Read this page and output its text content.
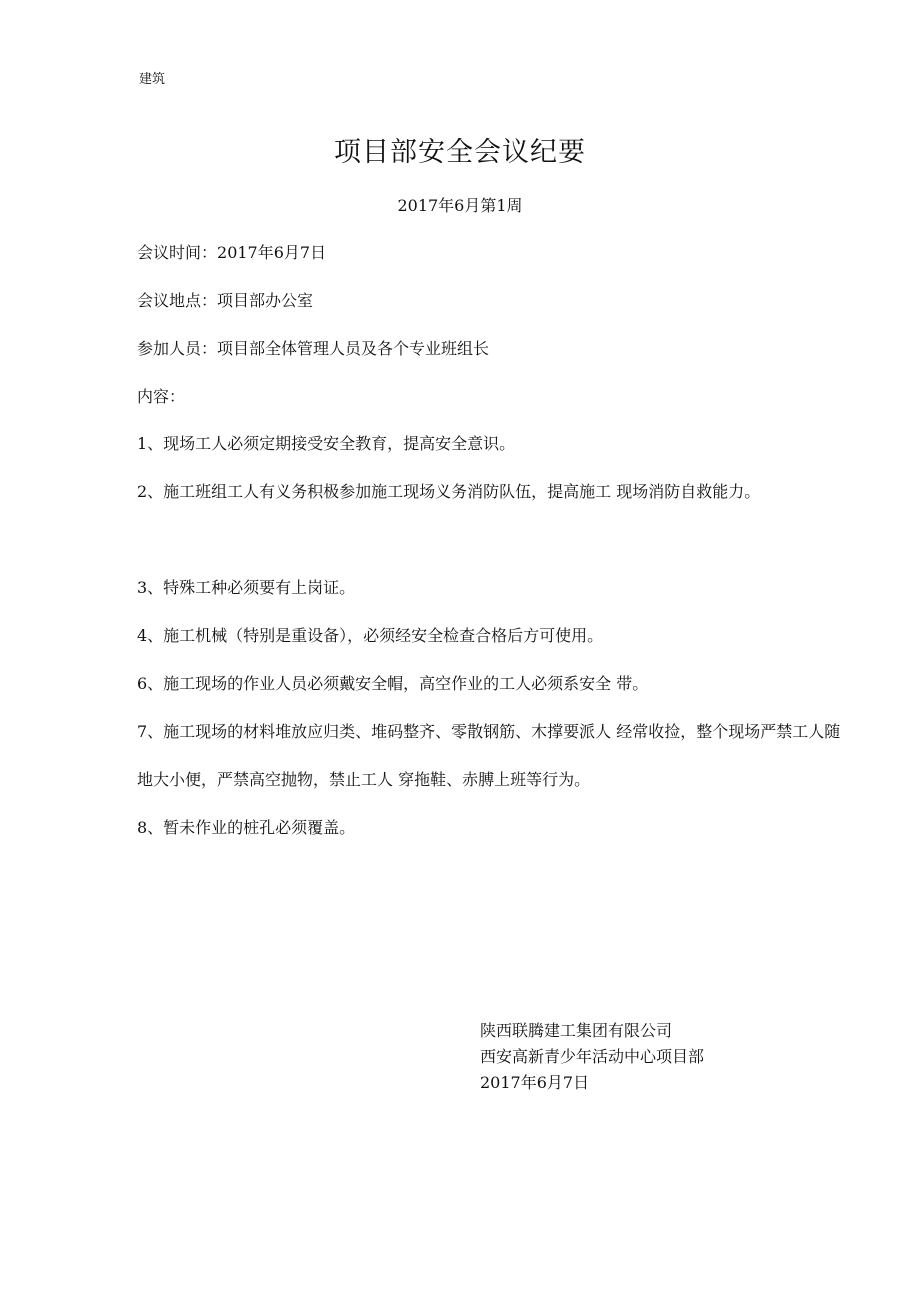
建筑
项目部安全会议纪要
2017年6月第1周
会议时间：2017年6月7日
会议地点：项目部办公室
参加人员：项目部全体管理人员及各个专业班组长
内容：
1、现场工人必须定期接受安全教育，提高安全意识。
2、施工班组工人有义务积极参加施工现场义务消防队伍，提高施工 现场消防自救能力。
3、特殊工种必须要有上岗证。
4、施工机械（特别是重设备），必须经安全检查合格后方可使用。
6、施工现场的作业人员必须戴安全帽，高空作业的工人必须系安全 带。
7、施工现场的材料堆放应归类、堆码整齐、零散钢筋、木撑要派人 经常收捡，整个现场严禁工人随地大小便，严禁高空抛物，禁止工人 穿拖鞋、赤膊上班等行为。
8、暂未作业的桩孔必须覆盖。
陕西联腾建工集团有限公司
西安高新青少年活动中心项目部
2017年6月7日
